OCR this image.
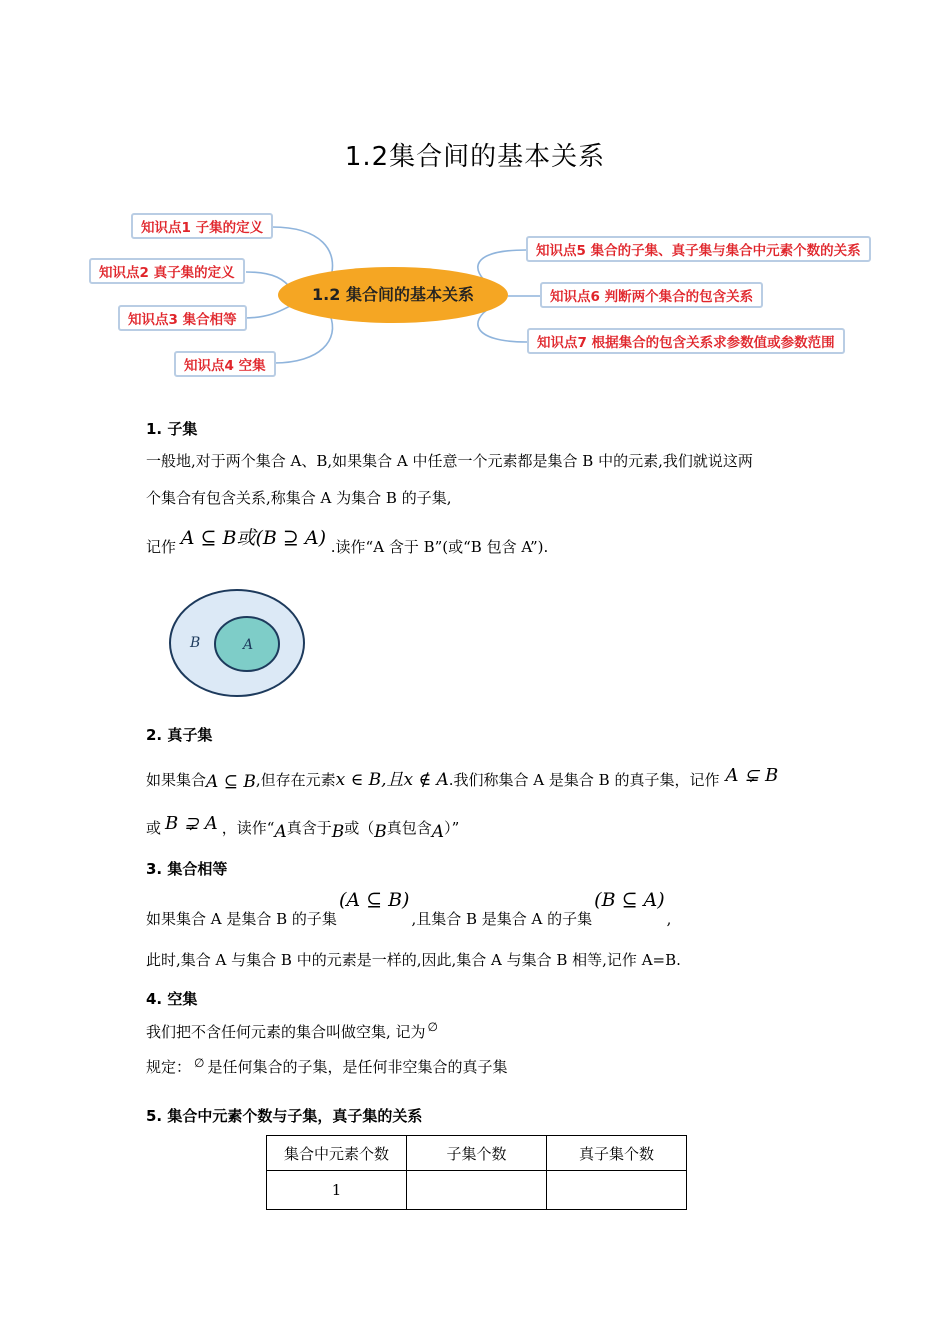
1.2集合间的基本关系
知识点1 子集的定义
知识点2 真子集的定义
知识点3 集合相等
知识点4 空集
知识点5 集合的子集、真子集与集合中元素个数的关系
知识点6 判断两个集合的包含关系
知识点7 根据集合的包含关系求参数值或参数范围
1.2 集合间的基本关系
1. 子集
一般地,对于两个集合 A、B,如果集合 A 中任意一个元素都是集合 B 中的元素,我们就说这两
个集合有包含关系,称集合 A 为集合 B 的子集,
记作 A ⊆ B或(B ⊇ A) .读作“A 含于 B”(或“B 包含 A”).
B	A
2. 真子集
如果集合A ⊆ B,但存在元素x ∈ B,且x ∉ A.我们称集合 A 是集合 B 的真子集，记作 A ⊊ B
或 B ⊋ A ，读作“A真含于B或（B真包含A）”
3. 集合相等
如果集合 A 是集合 B 的子集(A ⊆ B),且集合 B 是集合 A 的子集(B ⊆ A),
此时,集合 A 与集合 B 中的元素是一样的,因此,集合 A 与集合 B 相等,记作 A=B.
4. 空集
我们把不含任何元素的集合叫做空集, 记为 ∅
规定： ∅ 是任何集合的子集，是任何非空集合的真子集
5. 集合中元素个数与子集，真子集的关系
集合中元素个数	子集个数	真子集个数
1		
